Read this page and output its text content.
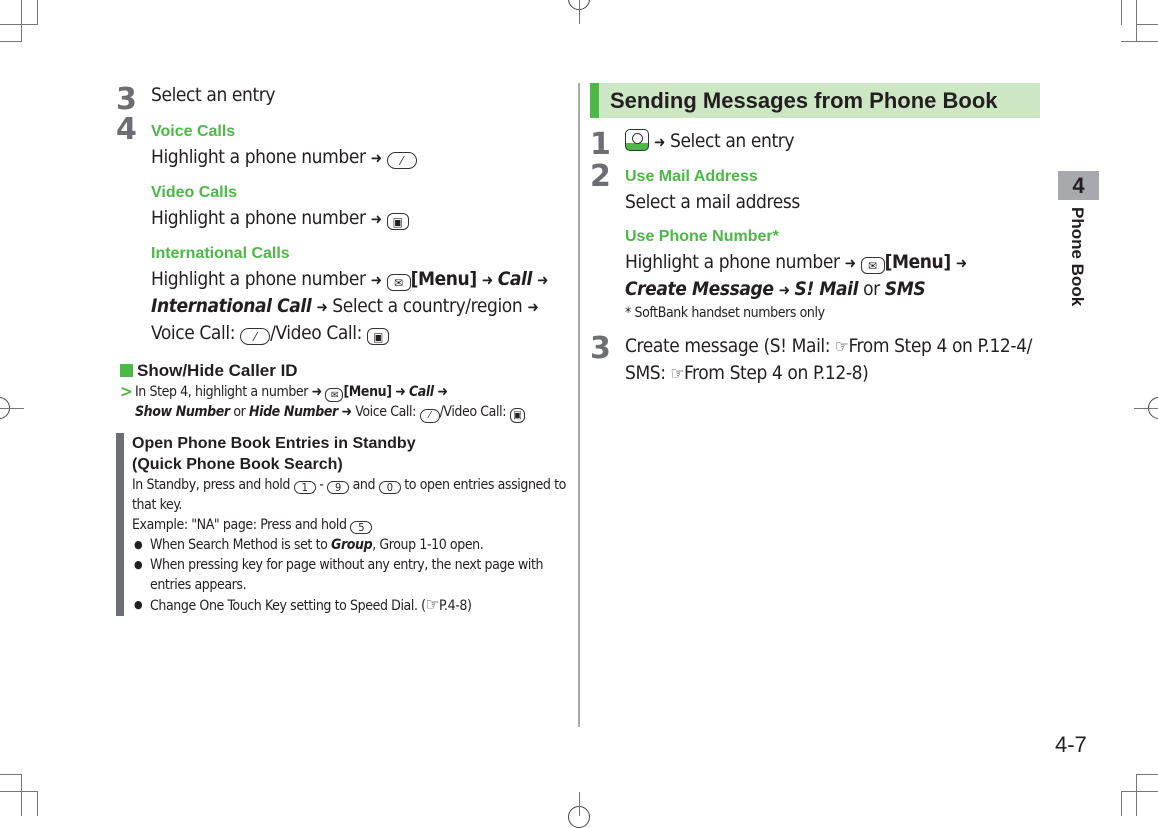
3 Select an entry
4 Voice Calls
Highlight a phone number ➜ ⁄
Video Calls
Highlight a phone number ➜ ▣
International Calls
Highlight a phone number ➜ ✉ [Menu] ➜ Call ➜ International Call ➜ Select a country/region ➜ Voice Call: ⁄ /Video Call: ▣
Show/Hide Caller ID
> In Step 4, highlight a number ➜ ✉ [Menu] ➜ Call ➜
Show Number or Hide Number ➜ Voice Call: ⁄ /Video Call: ▣
Open Phone Book Entries in Standby
(Quick Phone Book Search)
In Standby, press and hold 1 - 9 and 0 to open entries assigned to that key.
Example: "NA" page: Press and hold 5
● When Search Method is set to Group, Group 1-10 open.
● When pressing key for page without any entry, the next page with entries appears.
● Change One Touch Key setting to Speed Dial. (☞P.4-8)
Sending Messages from Phone Book
1	➜ Select an entry
2 Use Mail Address
Select a mail address
Use Phone Number*
Highlight a phone number ➜ ✉ [Menu] ➜
Create Message ➜ S! Mail or SMS
* SoftBank handset numbers only
3 Create message (S! Mail: ☞From Step 4 on P.12-4/
SMS: ☞From Step 4 on P.12-8)
4
Phone Book
4-7
